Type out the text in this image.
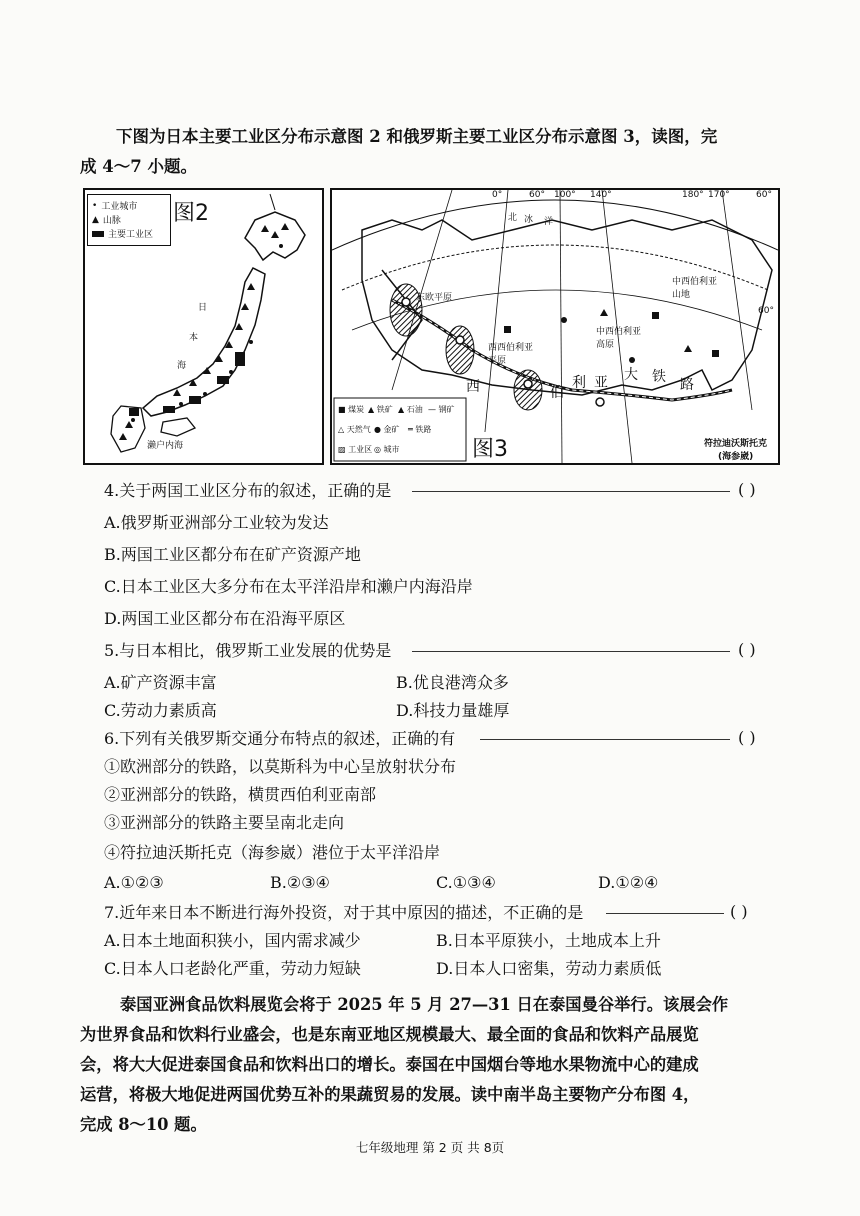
下图为日本主要工业区分布示意图 2 和俄罗斯主要工业区分布示意图 3，读图，完
成 4～7 小题。
• 工业城市
▲ 山脉
主要工业区
图2
日
本
海
濑户内海
0°	60° 100° 140°	180° 170°	60°
北 冰 洋
东欧平原
中西伯利亚高原
中西伯利亚山地
西西伯利亚平原
西	伯
利 亚 大 铁 路
60°
符拉迪沃斯托克
(海参崴)
■ 煤炭 ▲ 铁矿 ▲ 石油 — 钢矿
△ 天然气 ● 金矿 ═ 铁路
▨ 工业区 ◎ 城市	图3
4.关于两国工业区分布的叙述，正确的是	( )
A.俄罗斯亚洲部分工业较为发达
B.两国工业区都分布在矿产资源产地
C.日本工业区大多分布在太平洋沿岸和濑户内海沿岸
D.两国工业区都分布在沿海平原区
5.与日本相比，俄罗斯工业发展的优势是	( )
A.矿产资源丰富	B.优良港湾众多
C.劳动力素质高	D.科技力量雄厚
6.下列有关俄罗斯交通分布特点的叙述，正确的有	( )
①欧洲部分的铁路，以莫斯科为中心呈放射状分布
②亚洲部分的铁路，横贯西伯利亚南部
③亚洲部分的铁路主要呈南北走向
④符拉迪沃斯托克（海参崴）港位于太平洋沿岸
A.①②③	B.②③④	C.①③④	D.①②④
7.近年来日本不断进行海外投资，对于其中原因的描述，不正确的是	( )
A.日本土地面积狭小，国内需求减少	B.日本平原狭小，土地成本上升
C.日本人口老龄化严重，劳动力短缺	D.日本人口密集，劳动力素质低
泰国亚洲食品饮料展览会将于 2025 年 5 月 27—31 日在泰国曼谷举行。该展会作
为世界食品和饮料行业盛会，也是东南亚地区规模最大、最全面的食品和饮料产品展览
会，将大大促进泰国食品和饮料出口的增长。泰国在中国烟台等地水果物流中心的建成
运营，将极大地促进两国优势互补的果蔬贸易的发展。读中南半岛主要物产分布图 4，
完成 8～10 题。
七年级地理 第 2 页 共 8页
